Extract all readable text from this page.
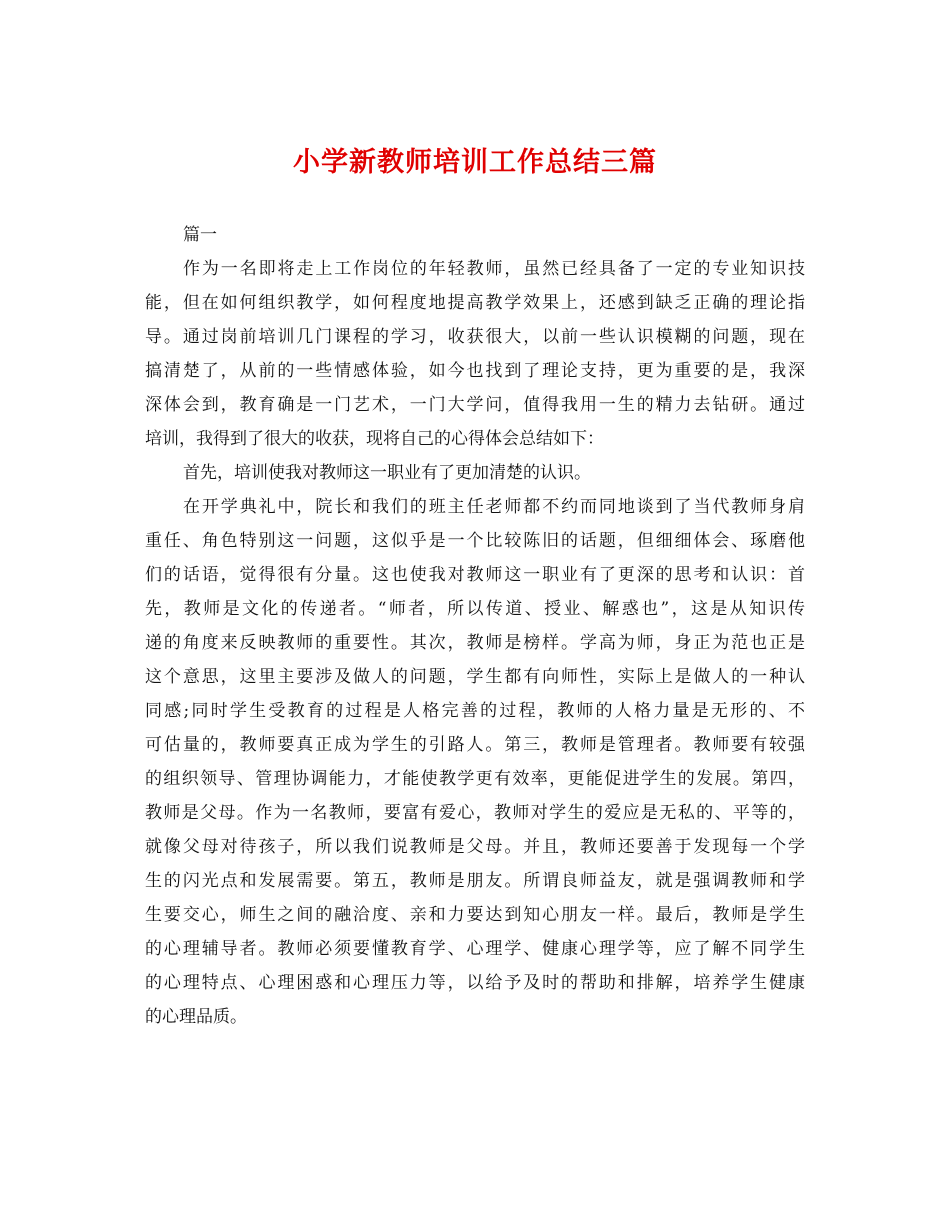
小学新教师培训工作总结三篇
篇一
作为一名即将走上工作岗位的年轻教师，虽然已经具备了一定的专业知识技
能，但在如何组织教学，如何程度地提高教学效果上，还感到缺乏正确的理论指
导。通过岗前培训几门课程的学习，收获很大，以前一些认识模糊的问题，现在
搞清楚了，从前的一些情感体验，如今也找到了理论支持，更为重要的是，我深
深体会到，教育确是一门艺术，一门大学问，值得我用一生的精力去钻研。通过
培训，我得到了很大的收获，现将自己的心得体会总结如下：
首先，培训使我对教师这一职业有了更加清楚的认识。
在开学典礼中，院长和我们的班主任老师都不约而同地谈到了当代教师身肩
重任、角色特别这一问题，这似乎是一个比较陈旧的话题，但细细体会、琢磨他
们的话语，觉得很有分量。这也使我对教师这一职业有了更深的思考和认识：首
先，教师是文化的传递者。“师者，所以传道、授业、解惑也”，这是从知识传
递的角度来反映教师的重要性。其次，教师是榜样。学高为师，身正为范也正是
这个意思，这里主要涉及做人的问题，学生都有向师性，实际上是做人的一种认
同感;同时学生受教育的过程是人格完善的过程，教师的人格力量是无形的、不
可估量的，教师要真正成为学生的引路人。第三，教师是管理者。教师要有较强
的组织领导、管理协调能力，才能使教学更有效率，更能促进学生的发展。第四，
教师是父母。作为一名教师，要富有爱心，教师对学生的爱应是无私的、平等的，
就像父母对待孩子，所以我们说教师是父母。并且，教师还要善于发现每一个学
生的闪光点和发展需要。第五，教师是朋友。所谓良师益友，就是强调教师和学
生要交心，师生之间的融洽度、亲和力要达到知心朋友一样。最后，教师是学生
的心理辅导者。教师必须要懂教育学、心理学、健康心理学等，应了解不同学生
的心理特点、心理困惑和心理压力等，以给予及时的帮助和排解，培养学生健康
的心理品质。
